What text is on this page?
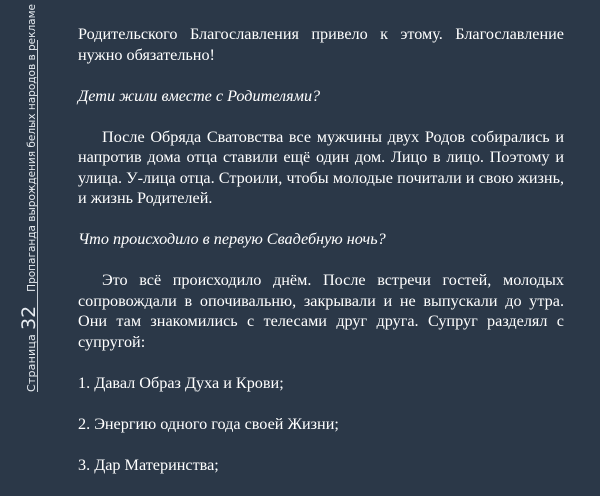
Страница
32
Пропаганда вырождения белых народов в рекламе Родительского Благославления привело к этому. Благославление нужно обязательно!

Дети жили вместе с Родителями?

После Обряда Сватовства все мужчины двух Родов собирались и напротив дома отца ставили ещё один дом. Лицо в лицо. Поэтому и улица. У-лица отца. Строили, чтобы молодые почитали и свою жизнь, и жизнь Родителей.

Что происходило в первую Свадебную ночь?

Это всё происходило днём. После встречи гостей, молодых сопровождали в опочивальню, закрывали и не выпускали до утра. Они там знакомились с телесами друг друга. Супруг разделял с супругой:

1. Давал Образ Духа и Крови;

2. Энергию одного года своей Жизни;

3. Дар Материнства;
